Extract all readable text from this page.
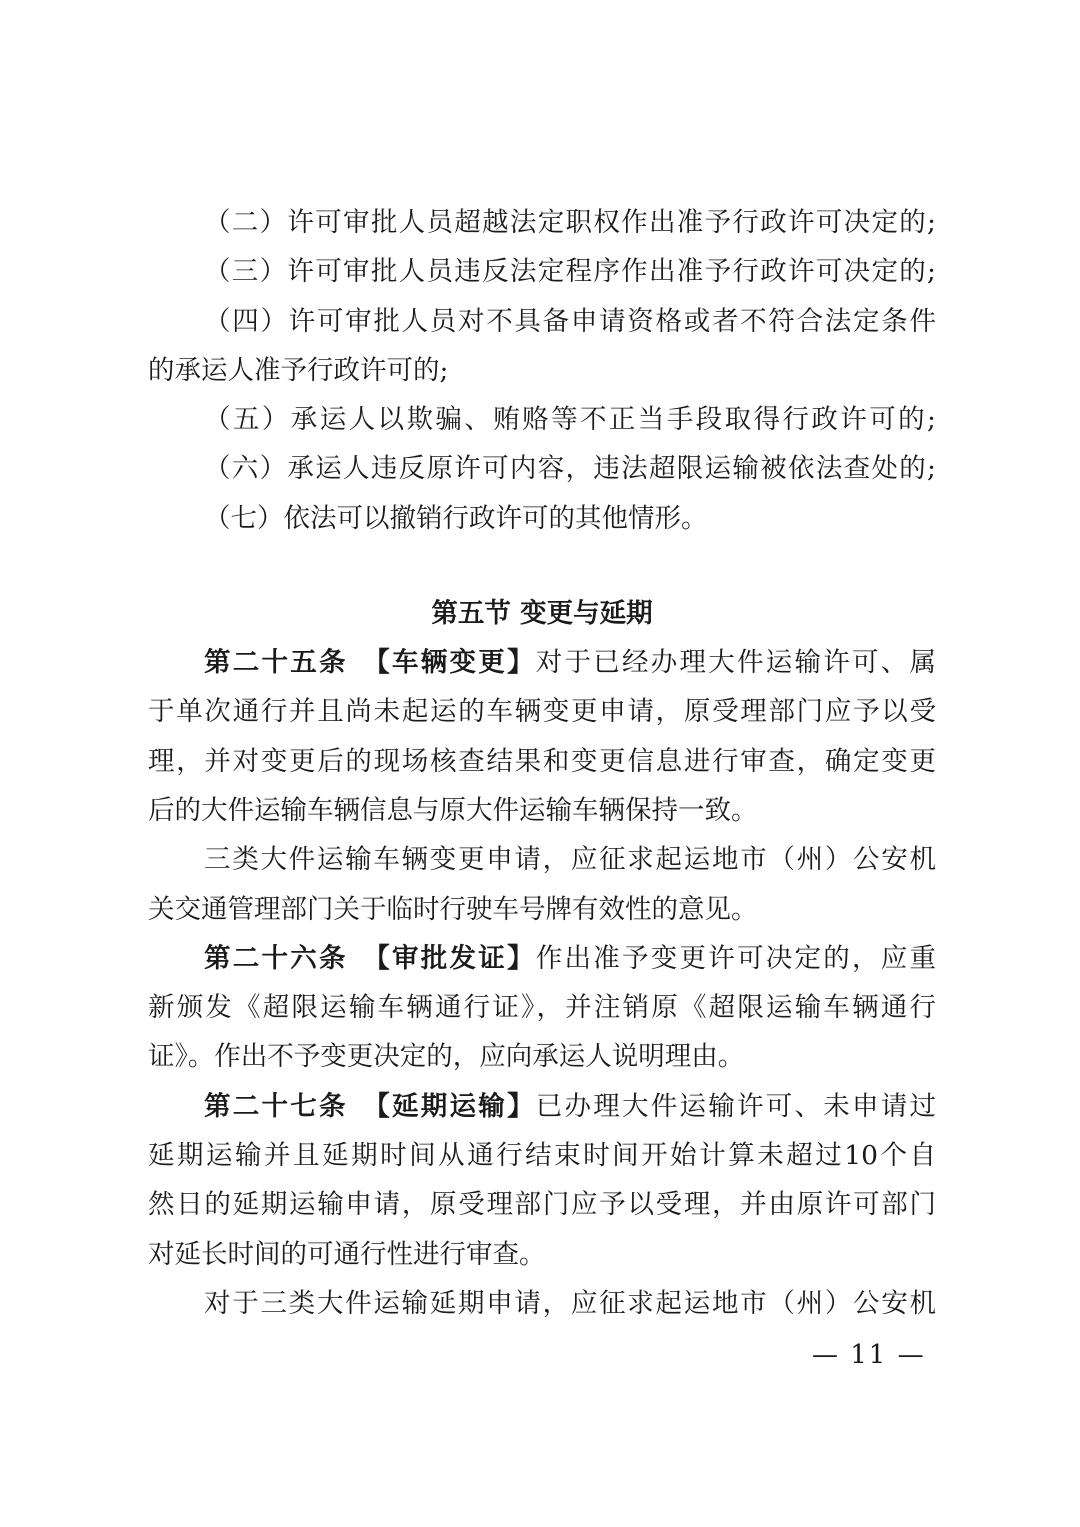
（二）许可审批人员超越法定职权作出准予行政许可决定的;
（三）许可审批人员违反法定程序作出准予行政许可决定的;
（四）许可审批人员对不具备申请资格或者不符合法定条件
的承运人准予行政许可的;
（五）承运人以欺骗、贿赂等不正当手段取得行政许可的;
（六）承运人违反原许可内容，违法超限运输被依法查处的;
（七）依法可以撤销行政许可的其他情形。
第五节 变更与延期
第二十五条　【车辆变更】对于已经办理大件运输许可、属
于单次通行并且尚未起运的车辆变更申请，原受理部门应予以受
理，并对变更后的现场核查结果和变更信息进行审查，确定变更
后的大件运输车辆信息与原大件运输车辆保持一致。
三类大件运输车辆变更申请，应征求起运地市（州）公安机
关交通管理部门关于临时行驶车号牌有效性的意见。
第二十六条　【审批发证】作出准予变更许可决定的，应重
新颁发《超限运输车辆通行证》，并注销原《超限运输车辆通行
证》。作出不予变更决定的，应向承运人说明理由。
第二十七条　【延期运输】已办理大件运输许可、未申请过
延期运输并且延期时间从通行结束时间开始计算未超过10个自
然日的延期运输申请，原受理部门应予以受理，并由原许可部门
对延长时间的可通行性进行审查。
对于三类大件运输延期申请，应征求起运地市（州）公安机
— 11 —
